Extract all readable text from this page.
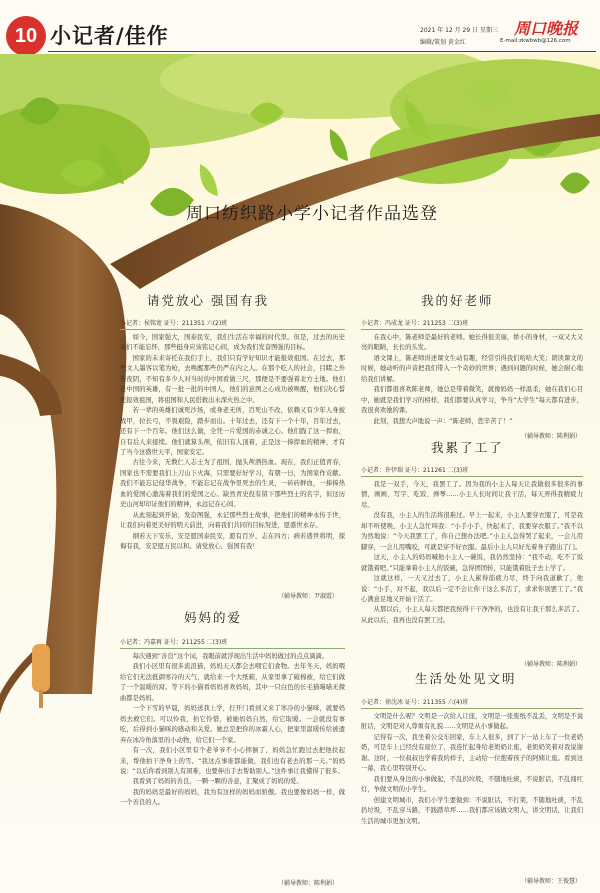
10 小记者/佳作	2021 年 12 月 29 日 星期三
编辑/策划 黄金红
周口晚报
E-mail:zkwbwb@126.com
周口纺织路小学小记者作品选登
请党放心 强国有我
小记者：侯铭宽 证号：211351 六(2)班

如今，国家强大，国泰民安，我们生活在幸福的时代里。但是，过去的历史我们不能忘怀，那些挺身应该铭记心间，成为我们发奋图强的目标。

国家的未来寄托在我们手上，我们只有学好知识才能报效祖国。在过去，那些文人墨客以笔为枪，去唤醒那些仍严在内之人。在那个吃人的社会，目睹之外皆夜阴，不知有多少人对当时的中国看做三尺，那便是不要强着北方土地。他们是中国的英雄，有一批一批的中国人，他们的意图之心成功被唤醒，他们决心誓死报效祖国，将祖国和人民搭救出水深火热之中。

若一辈的英雄们诚死沙场，或身老无所，百死山不改，依赖又有少年人身披战甲，拉长弓，不畏艰险，踏步而出。十年过去，还有下一个十年，百年过去，还有下一个百年。他们这么做，全凭一片爱国的赤诚之心。他们践了这一捍血，自有后人来接续。他们就算头颅，依旧有人顶着，正是这一捧捍血的精神，才有了当今这盛世天平，国家安定。

古往今来，无数仁人志士为了祖国，抛头颅洒热血。现在，我们正值青春，国家也不需要我们上刀山下火海，只需要好好学习，有朝一日，为国家作贡献。我们不能忘记侵华战争，不能忘记在战争里死去的生灵，一砖砖鲜血，一捧捧热血的爱国心激荡着我们的爱国之心。缺然青史投有留下那些烈士的名字，但这历史山河却印证他们的精神，永远记在心间。

从此刻起到开始，发奋图强，永记那些烈士故事，把他们的精神永传于世，让我们向着更美好的明天前进，向着我们共同的目标努进，愿盛世永存。

纲若天下安乐，安是愿国泰民安，愿有百岁，志在四方；病若盛世将明，探侮有我，安是愿万民以和。请党放心，强国有我！

（辅导教师：尹淑霞）
妈妈的爱
小记者：冯嘉再 证号：211255 二(3)班

每次遇到“善良”这个词，我眼前就浮现出生活中妈妈做过的点点滴滴。

我们小区里有很多流浪猫，妈妈天天都会去喂它们食物。去年冬天，妈妈喂给它们无法抵御寒冷的天气，就给来一个大纸箱，从家里拿了破棉被，给它们做了一个温暖的窝。等下的小猫看妈妈喜欢妈妈，其中一只白色的长毛猫喵喵无微曲都是妈妈。

一个下雪的早晨，妈妈送我上学，打开门看到又来了寒冷的小猫咪，就要妈妈去救它们。可以怜我，抬它怜惜，被她妈妈自然，给它取暖。一会就没有事吃，后得到小猫咪的感动和关爱。她总是把你的冰霜人心，把家里温暖传给被遗弃在冰冷角落里的小动物，给它们一个家。

有一次，我们小区里有个老爷爷不小心摔倒了，妈妈急忙跑过去把他扶起来，帮他拍干净身上的雪。“我这点事谁都能做，我们也有老去的那一天。”妈妈说：“以后你看到别人有困难，也要伸出手去帮助别人。”这件事让我懂得了很多。

我看到了妈妈的善良，一颗一颗的善意，汇聚成了妈妈的爱。

我的妈妈是最好的妈妈，我为有这样的妈妈而骄傲。我也要像妈妈一样，做一个善良的人。

（辅导教师：陈利娟）
我的好老师
小记者：冯成龙 证号：211253 二(3)班

在我心中，陈老师是最好的老师。她长得很美丽，娇小的身材，一双又大又亮的眼睛，长长的头发。

语文课上，陈老师讲述课文生动有趣，经常引得我们哈哈大笑；朗读课文的时候，她动听的声音把我们带入一个奇妙的世界；遇到问题的时候，她会耐心地给我们讲解。

我们都很喜欢陈老师，她总是带着微笑，就像妈妈一样温柔，她在我们心目中，她就是我们学习的榜样，我们都要认真学习，争当“大学生”每天都有进步，我很喜欢她的课。

此刻，我想大声地说一声：“陈老师，您辛苦了！”

（辅导教师：陈利娟）
我累了工了
小记者：许伊瑞 证号：211261 二(3)班

我是一双手，今天，我罢工了。因为我的小主人每天让我做很多很多的事情，画画、写字、吃饭、弹琴……小主人长时间让我干活，每天弄得我精疲力尽。

没有我，小主人的生活将很难过。早上一起来，小主人要穿衣服了，可是我却不听使唤，小主人急忙叫我：“小手小手，快起来了，我要穿衣服了。”我不以为然地说：“今天我罢工了，你自己想办法吧。”小主人急得哭了起来，一会儿用脚穿，一会儿用嘴咬，可就是穿不好衣服。最后小主人只好光着身子跑出了门。

这天，小主人的妈妈喊他小主人一碗饭，我仍然坚持：“我不动，吃不了饭就饿着吧。”只能拿着小主人的饭碗，急得团团转，只能饿着肚子去上学了。

这就这样，一天又过去了，小主人累得筋疲力尽，终于向我道歉了，他说：“小手，对不起，我以后一定不会让你干这么多活了，求求你别罢工了。”我心满意足地又开始干活了。

从那以后，小主人每天都把我按得干干净净的，也没有让我干那么多活了。从此以后，我再也没有罢工过。

（辅导教师：陈利娟）
生活处处见文明
小记者：徐沈冰 证号：211355 六(4)班

文明是什么呢？文明是一次给人让座，文明是一张废纸不乱丢，文明是不说脏话，文明是对人尊重有礼貌……文明是从小事做起。

记得有一次，我坐着公交车回家，车上人很多，到了下一站上车了一位老奶奶，可是车上已经没有座位了，我连忙起身给老奶奶让座，老奶奶笑着对我说谢谢。这时，一位叔叔也学着我的样子，主动给一位抱着孩子的阿姨让座。看到这一幕，我心里特别开心。

我们要从身边的小事做起，不乱扔垃圾，不随地吐痰，不说脏话，不乱闯红灯，争做文明的小学生。

创建文明城市，我们小学生要做到：不说脏话，不打架，不随地吐痰，不乱扔垃圾，不乱穿马路，不践踏草坪……我们都应该做文明人，讲文明话，让我们生活的城市更加文明。

（辅导教师：王俊慧）
